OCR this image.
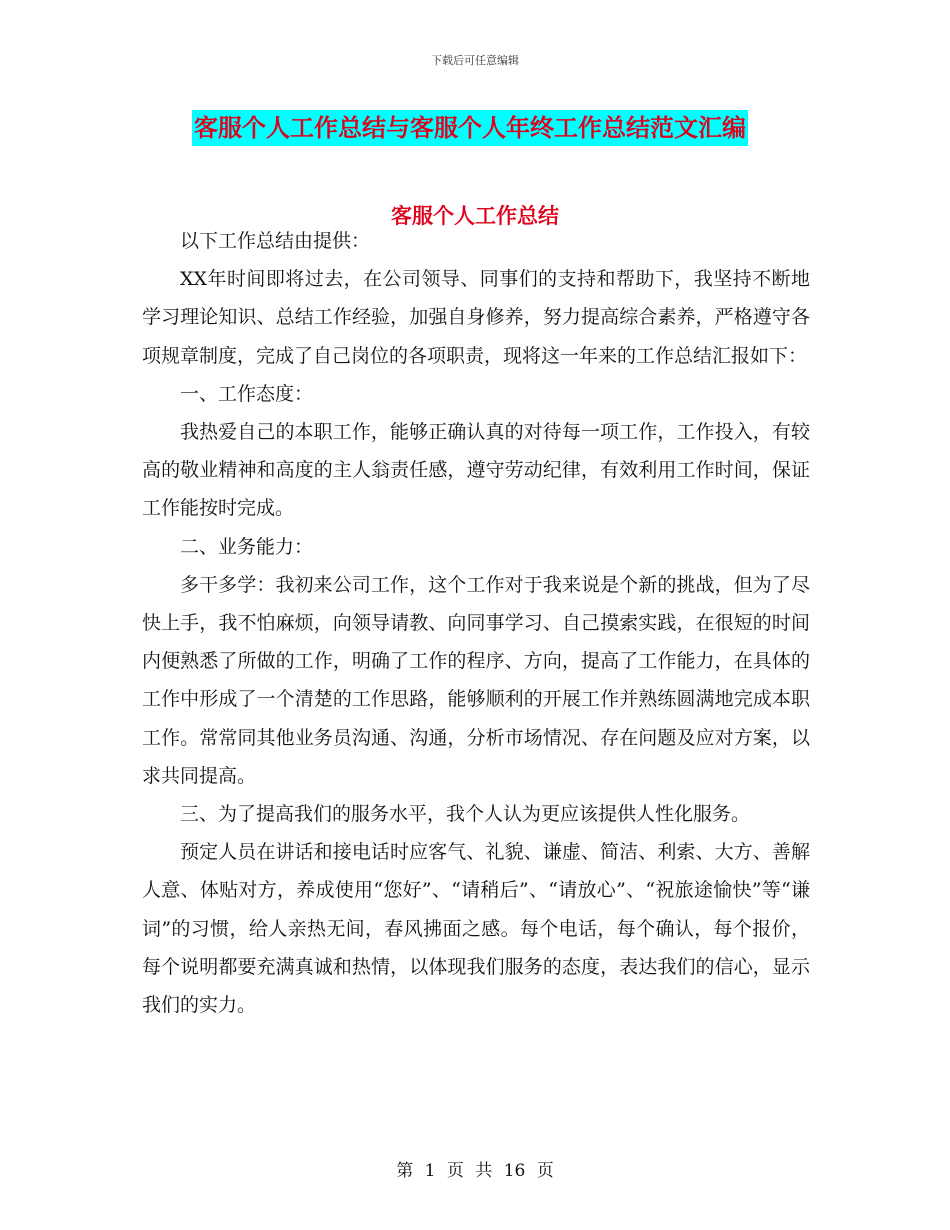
下载后可任意编辑
客服个人工作总结与客服个人年终工作总结范文汇编
客服个人工作总结

以下工作总结由提供：

XX年时间即将过去，在公司领导、同事们的支持和帮助下，我坚持不断地学习理论知识、总结工作经验，加强自身修养，努力提高综合素养，严格遵守各项规章制度，完成了自己岗位的各项职责，现将这一年来的工作总结汇报如下：

一、工作态度：

我热爱自己的本职工作，能够正确认真的对待每一项工作，工作投入，有较高的敬业精神和高度的主人翁责任感，遵守劳动纪律，有效利用工作时间，保证工作能按时完成。

二、业务能力：

多干多学：我初来公司工作，这个工作对于我来说是个新的挑战，但为了尽快上手，我不怕麻烦，向领导请教、向同事学习、自己摸索实践，在很短的时间内便熟悉了所做的工作，明确了工作的程序、方向，提高了工作能力，在具体的工作中形成了一个清楚的工作思路，能够顺利的开展工作并熟练圆满地完成本职工作。常常同其他业务员沟通、沟通，分析市场情况、存在问题及应对方案，以求共同提高。

三、为了提高我们的服务水平，我个人认为更应该提供人性化服务。

预定人员在讲话和接电话时应客气、礼貌、谦虚、简洁、利索、大方、善解人意、体贴对方，养成使用“您好”、“请稍后”、“请放心”、“祝旅途愉快”等“谦词”的习惯，给人亲热无间，春风拂面之感。每个电话，每个确认，每个报价，每个说明都要充满真诚和热情，以体现我们服务的态度，表达我们的信心，显示我们的实力。

第 1 页 共 16 页
